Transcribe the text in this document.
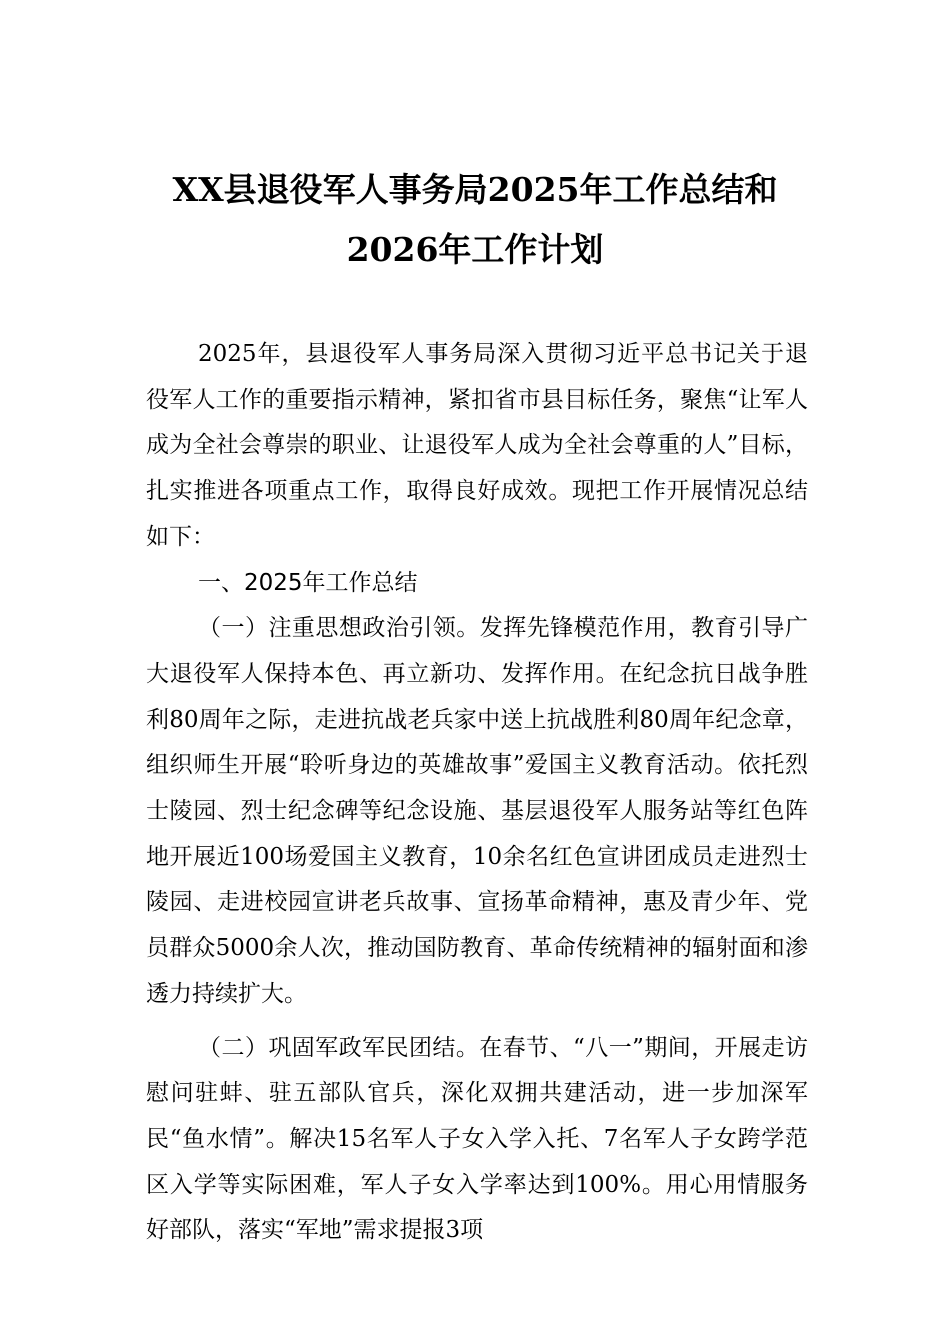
XX县退役军人事务局2025年工作总结和
2026年工作计划

2025年，县退役军人事务局深入贯彻习近平总书记关于退役军人工作的重要指示精神，紧扣省市县目标任务，聚焦“让军人成为全社会尊崇的职业、让退役军人成为全社会尊重的人”目标，扎实推进各项重点工作，取得良好成效。现把工作开展情况总结如下：

一、2025年工作总结

（一）注重思想政治引领。发挥先锋模范作用，教育引导广大退役军人保持本色、再立新功、发挥作用。在纪念抗日战争胜利80周年之际，走进抗战老兵家中送上抗战胜利80周年纪念章，组织师生开展“聆听身边的英雄故事”爱国主义教育活动。依托烈士陵园、烈士纪念碑等纪念设施、基层退役军人服务站等红色阵地开展近100场爱国主义教育，10余名红色宣讲团成员走进烈士陵园、走进校园宣讲老兵故事、宣扬革命精神，惠及青少年、党员群众5000余人次，推动国防教育、革命传统精神的辐射面和渗透力持续扩大。

（二）巩固军政军民团结。在春节、“八一”期间，开展走访慰问驻蚌、驻五部队官兵，深化双拥共建活动，进一步加深军民“鱼水情”。解决15名军人子女入学入托、7名军人子女跨学范区入学等实际困难，军人子女入学率达到100%。用心用情服务好部队，落实“军地”需求提报3项
